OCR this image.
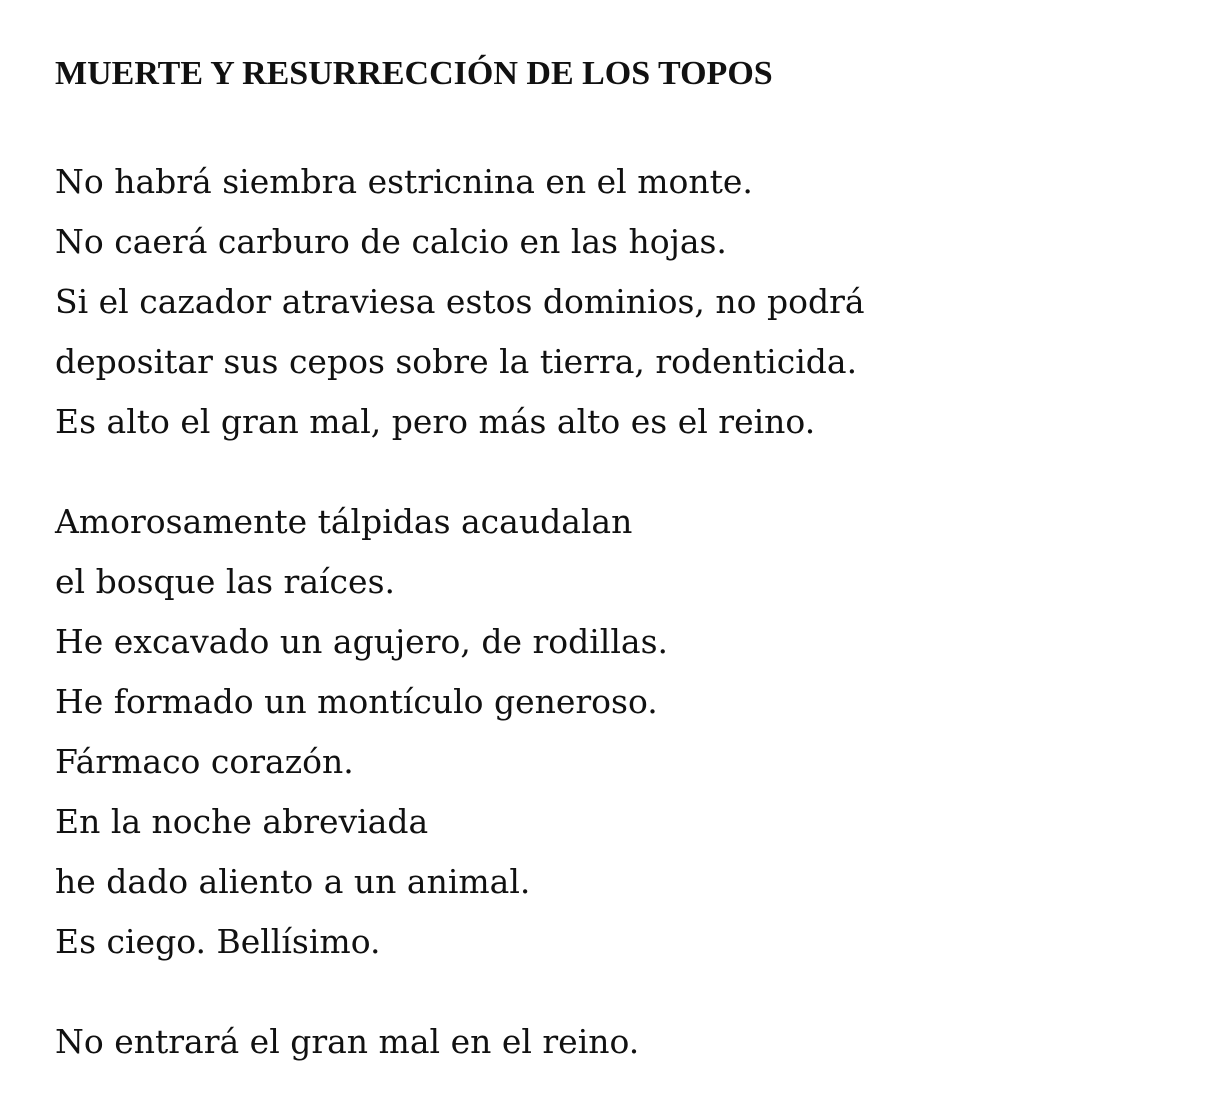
MUERTE Y RESURRECCIÓN DE LOS TOPOS

No habrá siembra estricnina en el monte.

No caerá carburo de calcio en las hojas.

Si el cazador atraviesa estos dominios, no podrá

depositar sus cepos sobre la tierra, rodenticida.

Es alto el gran mal, pero más alto es el reino.

Amorosamente tálpidas acaudalan

el bosque las raíces.

He excavado un agujero, de rodillas.

He formado un montículo generoso.

Fármaco corazón.

En la noche abreviada

he dado aliento a un animal.

Es ciego. Bellísimo.

No entrará el gran mal en el reino.
